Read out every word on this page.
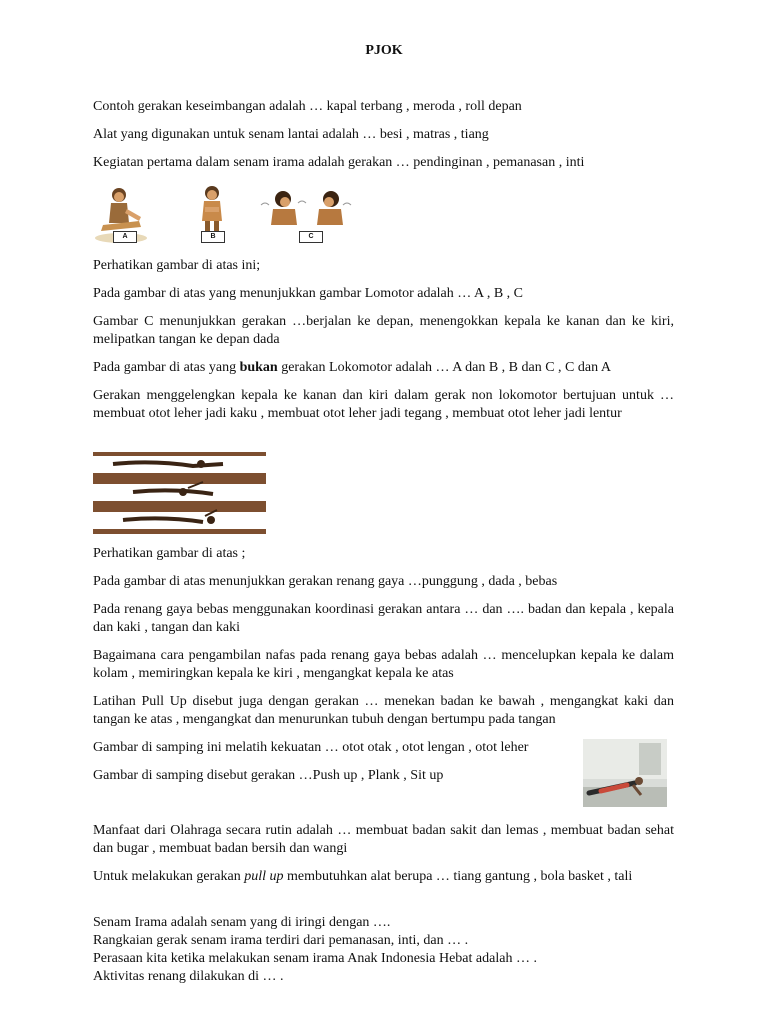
PJOK

Contoh gerakan keseimbangan adalah … kapal terbang , meroda , roll depan

Alat yang digunakan untuk senam lantai adalah … besi , matras , tiang

Kegiatan pertama dalam senam irama adalah gerakan … pendinginan , pemanasan , inti

A	B	C

Perhatikan gambar di atas ini;

Pada gambar di atas yang menunjukkan gambar Lomotor adalah … A , B , C

Gambar C menunjukkan gerakan …berjalan ke depan, menengokkan kepala ke kanan dan ke kiri, melipatkan tangan ke depan dada

Pada gambar di atas yang bukan gerakan Lokomotor adalah … A dan B , B dan C , C dan A

Gerakan menggelengkan kepala ke kanan dan kiri dalam gerak non lokomotor bertujuan untuk … membuat otot leher jadi kaku , membuat otot leher jadi tegang , membuat otot leher jadi lentur

Perhatikan gambar di atas ;

Pada gambar di atas menunjukkan gerakan renang gaya …punggung , dada , bebas

Pada renang gaya bebas menggunakan koordinasi gerakan antara … dan …. badan dan kepala , kepala dan kaki , tangan dan kaki

Bagaimana cara pengambilan nafas pada renang gaya bebas adalah … mencelupkan kepala ke dalam kolam , memiringkan kepala ke kiri , mengangkat kepala ke atas

Latihan Pull Up disebut juga dengan gerakan … menekan badan ke bawah , mengangkat kaki dan tangan ke atas , mengangkat dan menurunkan tubuh dengan bertumpu pada tangan

Gambar di samping ini melatih kekuatan … otot otak , otot lengan , otot leher

Gambar di samping disebut gerakan …Push up , Plank , Sit up

Manfaat dari Olahraga secara rutin adalah … membuat badan sakit dan lemas , membuat badan sehat dan bugar , membuat badan bersih dan wangi

Untuk melakukan gerakan pull up membutuhkan alat berupa … tiang gantung , bola basket , tali

Senam Irama adalah senam yang di iringi dengan ….

Rangkaian gerak senam irama terdiri dari pemanasan, inti, dan … .

Perasaan kita ketika melakukan senam irama Anak Indonesia Hebat adalah … .

Aktivitas renang dilakukan di … .
